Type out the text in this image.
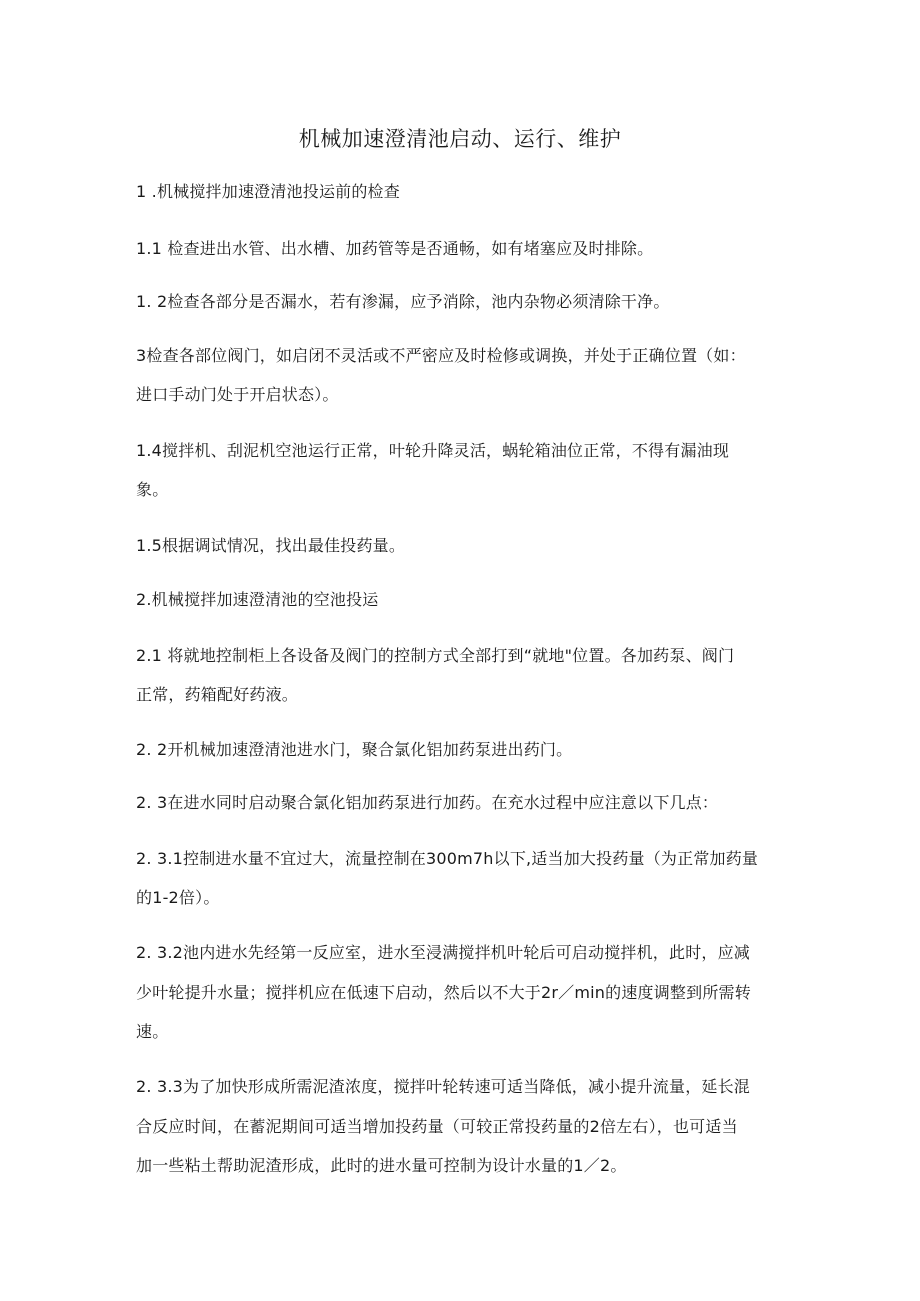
机械加速澄清池启动、运行、维护
1 .机械搅拌加速澄清池投运前的检查
1.1 检查进出水管、出水槽、加药管等是否通畅，如有堵塞应及时排除。
1. 2检查各部分是否漏水，若有渗漏，应予消除，池内杂物必须清除干净。
3检查各部位阀门，如启闭不灵活或不严密应及时检修或调换，并处于正确位置（如：
进口手动门处于开启状态）。
1.4搅拌机、刮泥机空池运行正常，叶轮升降灵活，蜗轮箱油位正常，不得有漏油现
象。
1.5根据调试情况，找出最佳投药量。
2.机械搅拌加速澄清池的空池投运
2.1 将就地控制柜上各设备及阀门的控制方式全部打到“就地"位置。各加药泵、阀门
正常，药箱配好药液。
2. 2开机械加速澄清池进水门，聚合氯化铝加药泵进出药门。
2. 3在进水同时启动聚合氯化铝加药泵进行加药。在充水过程中应注意以下几点：
2. 3.1控制进水量不宜过大，流量控制在300m7h以下,适当加大投药量（为正常加药量
的1-2倍）。
2. 3.2池内进水先经第一反应室，进水至浸满搅拌机叶轮后可启动搅拌机，此时，应减
少叶轮提升水量；搅拌机应在低速下启动，然后以不大于2r／min的速度调整到所需转
速。
2. 3.3为了加快形成所需泥渣浓度，搅拌叶轮转速可适当降低，减小提升流量，延长混
合反应时间，在蓄泥期间可适当增加投药量（可较正常投药量的2倍左右），也可适当
加一些粘土帮助泥渣形成，此时的进水量可控制为设计水量的1／2。
